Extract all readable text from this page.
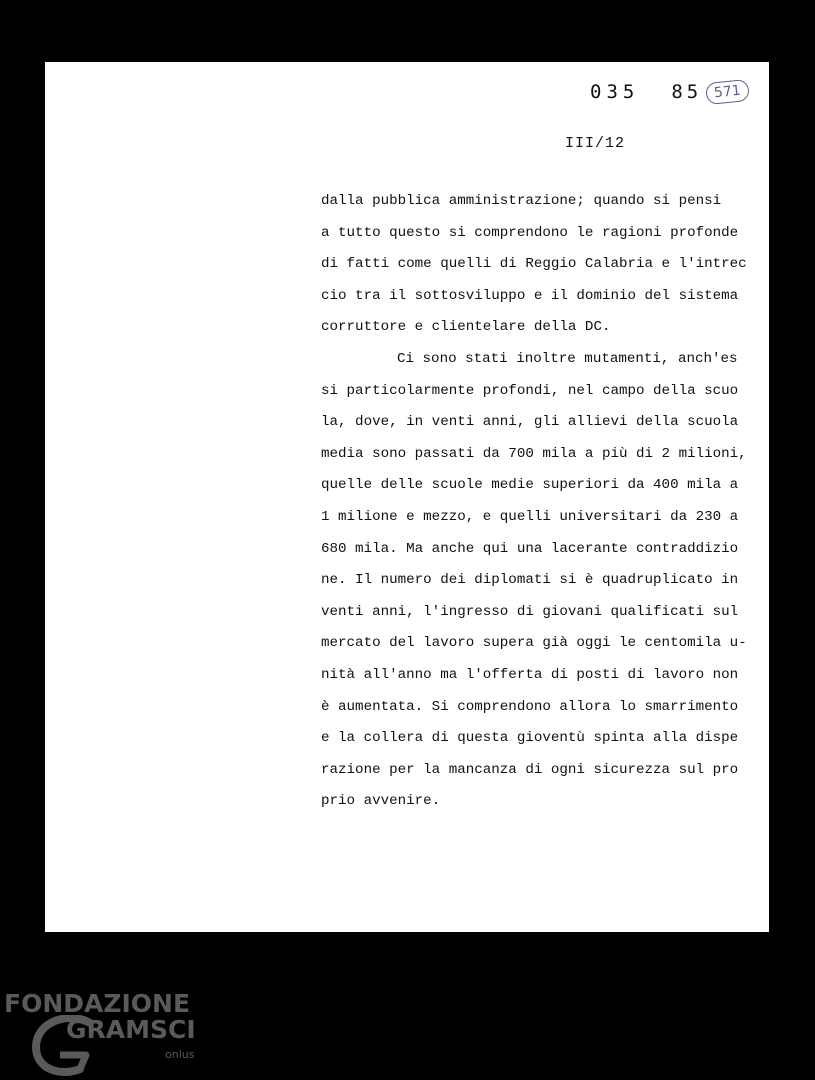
035 85 571
III/12
dalla pubblica amministrazione; quando si pensi
a tutto questo si comprendono le ragioni profonde
di fatti come quelli di Reggio Calabria e l'intrec
cio tra il sottosviluppo e il dominio del sistema
corruttore e clientelare della DC.
Ci sono stati inoltre mutamenti, anch'es
si particolarmente profondi, nel campo della scuo
la, dove, in venti anni, gli allievi della scuola
media sono passati da 700 mila a più di 2 milioni,
quelle delle scuole medie superiori da 400 mila a
1 milione e mezzo, e quelli universitari da 230 a
680 mila. Ma anche qui una lacerante contraddizio
ne. Il numero dei diplomati si è quadruplicato in
venti anni, l'ingresso di giovani qualificati sul
mercato del lavoro supera già oggi le centomila u-
nità all'anno ma l'offerta di posti di lavoro non
è aumentata. Si comprendono allora lo smarrimento
e la collera di questa gioventù spinta alla dispe
razione per la mancanza di ogni sicurezza sul pro
prio avvenire.
FONDAZIONE
GRAMSCI
onlus
